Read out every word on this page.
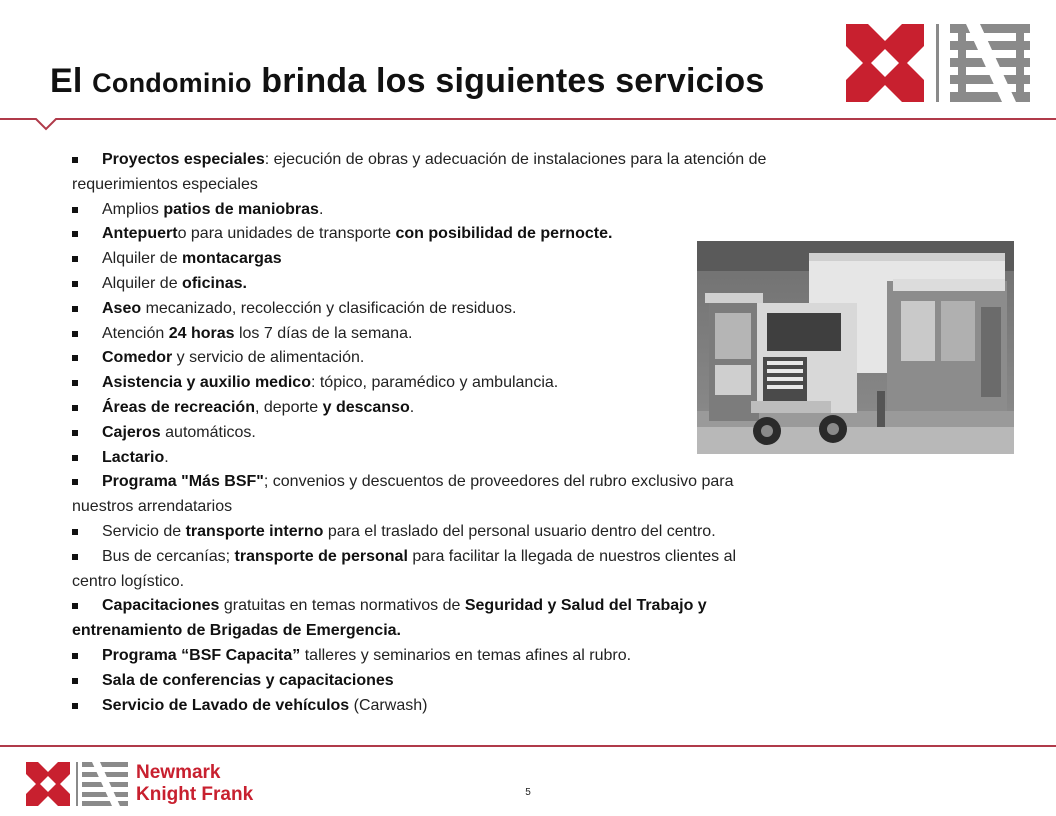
El Condominio brinda los siguientes servicios
Proyectos especiales: ejecución de obras y adecuación de instalaciones para la atención de requerimientos especiales
Amplios patios de maniobras.
Antepuerto para unidades de transporte con posibilidad de pernocte.
Alquiler de montacargas
Alquiler de oficinas.
Aseo mecanizado, recolección y clasificación de residuos.
Atención 24 horas los 7 días de la semana.
Comedor y servicio de alimentación.
Asistencia y auxilio medico: tópico, paramédico y ambulancia.
Áreas de recreación, deporte y descanso.
Cajeros automáticos.
Lactario.
Programa "Más BSF"; convenios y descuentos de proveedores del rubro exclusivo para nuestros arrendatarios
Servicio de transporte interno para el traslado del personal usuario dentro del centro.
Bus de cercanías; transporte de personal para facilitar la llegada de nuestros clientes al centro logístico.
Capacitaciones gratuitas en temas normativos de Seguridad y Salud del Trabajo y entrenamiento de Brigadas de Emergencia.
Programa “BSF Capacita” talleres y seminarios en temas afines al rubro.
Sala de conferencias y capacitaciones
Servicio de Lavado de vehículos (Carwash)
Newmark
Knight Frank	5
